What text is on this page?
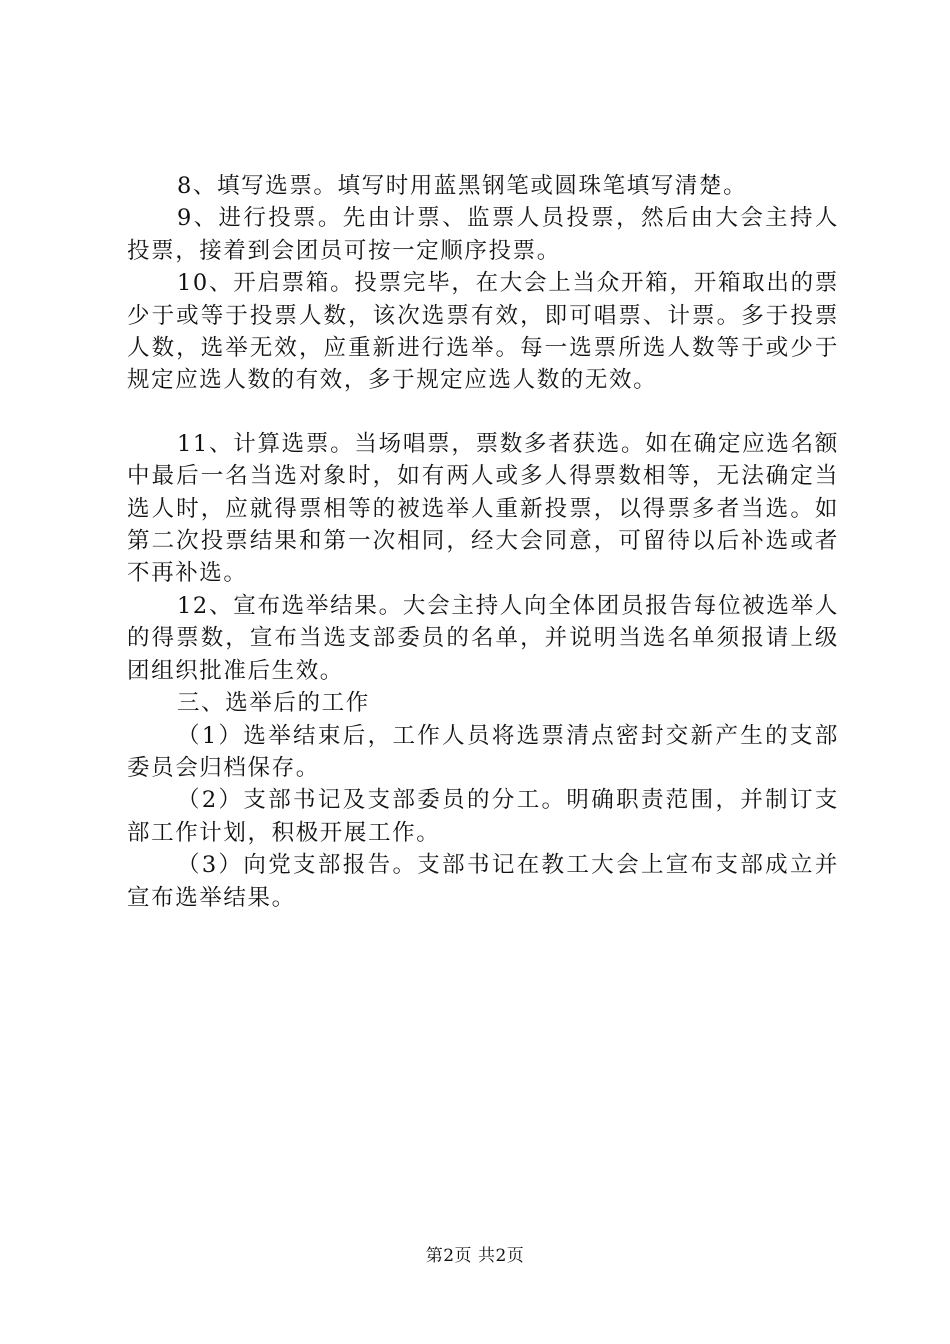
8、填写选票。填写时用蓝黑钢笔或圆珠笔填写清楚。

9、进行投票。先由计票、监票人员投票，然后由大会主持人投票，接着到会团员可按一定顺序投票。

10、开启票箱。投票完毕，在大会上当众开箱，开箱取出的票少于或等于投票人数，该次选票有效，即可唱票、计票。多于投票人数，选举无效，应重新进行选举。每一选票所选人数等于或少于规定应选人数的有效，多于规定应选人数的无效。

11、计算选票。当场唱票，票数多者获选。如在确定应选名额中最后一名当选对象时，如有两人或多人得票数相等，无法确定当选人时，应就得票相等的被选举人重新投票，以得票多者当选。如第二次投票结果和第一次相同，经大会同意，可留待以后补选或者不再补选。

12、宣布选举结果。大会主持人向全体团员报告每位被选举人的得票数，宣布当选支部委员的名单，并说明当选名单须报请上级团组织批准后生效。

三、选举后的工作

（1）选举结束后，工作人员将选票清点密封交新产生的支部委员会归档保存。

（2）支部书记及支部委员的分工。明确职责范围，并制订支部工作计划，积极开展工作。

（3）向党支部报告。支部书记在教工大会上宣布支部成立并宣布选举结果。

第2页 共2页
